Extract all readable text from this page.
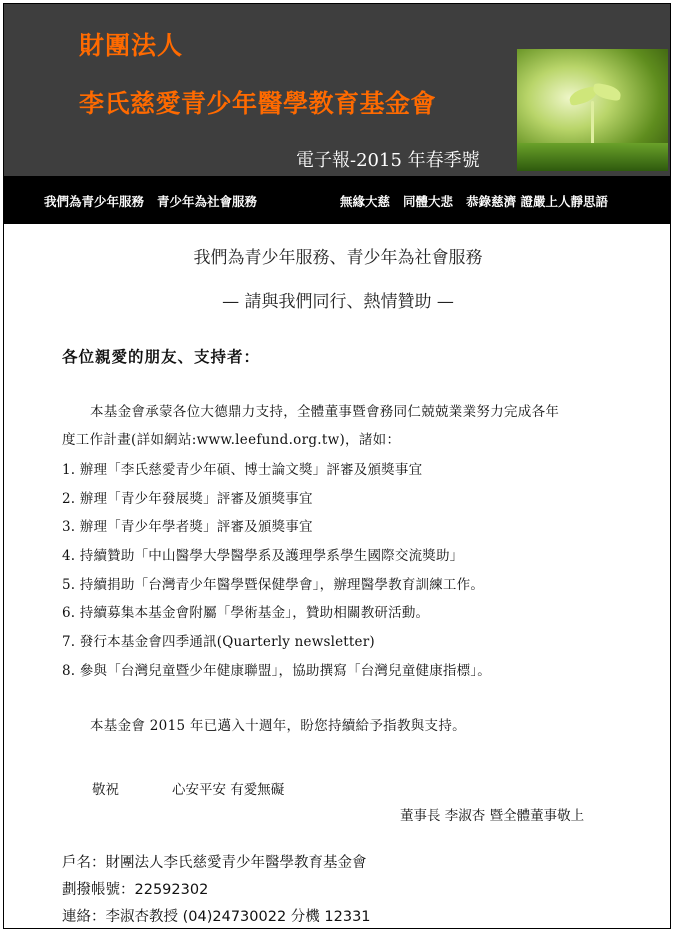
財團法人
李氏慈愛青少年醫學教育基金會
電子報-2015 年春季號
我們為青少年服務   青少年為社會服務	無緣大慈   同體大悲   恭錄慈濟 證嚴上人靜思語
我們為青少年服務、青少年為社會服務
— 請與我們同行、熱情贊助 —
各位親愛的朋友、支持者：
本基金會承蒙各位大德鼎力支持，全體董事暨會務同仁兢兢業業努力完成各年
度工作計畫(詳如網站:www.leefund.org.tw)，諸如：
1. 辦理「李氏慈愛青少年碩、博士論文獎」評審及頒獎事宜
2. 辦理「青少年發展獎」評審及頒獎事宜
3. 辦理「青少年學者獎」評審及頒獎事宜
4. 持續贊助「中山醫學大學醫學系及護理學系學生國際交流獎助」
5. 持續捐助「台灣青少年醫學暨保健學會」，辦理醫學教育訓練工作。
6. 持續募集本基金會附屬「學術基金」，贊助相關教研活動。
7. 發行本基金會四季通訊(Quarterly newsletter)
8. 參與「台灣兒童暨少年健康聯盟」，協助撰寫「台灣兒童健康指標」。
本基金會 2015 年已邁入十週年，盼您持續給予指教與支持。
敬祝	心安平安 有愛無礙
董事長 李淑杏 暨全體董事敬上
戶名：財團法人李氏慈愛青少年醫學教育基金會
劃撥帳號：22592302
連絡：李淑杏教授 (04)24730022 分機 12331
